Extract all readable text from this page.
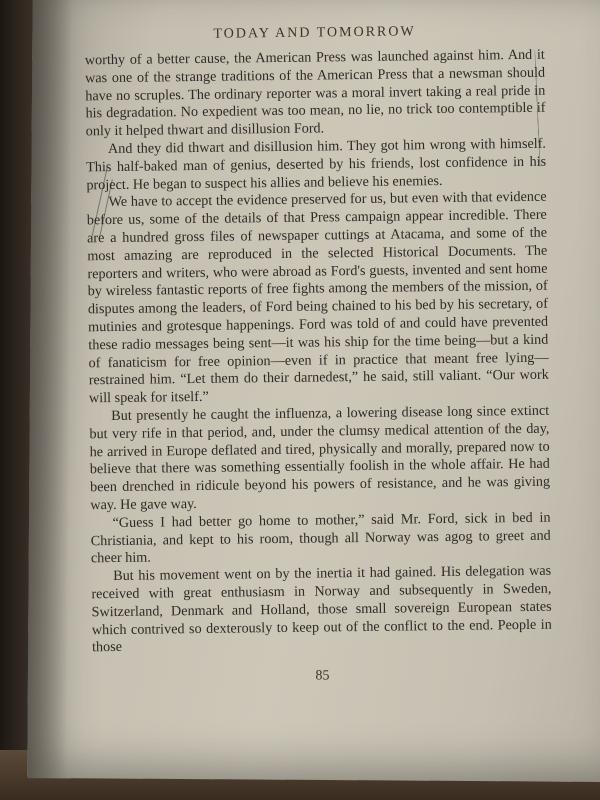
TODAY AND TOMORROW

worthy of a better cause, the American Press was launched against him. And it was one of the strange traditions of the American Press that a newsman should have no scruples. The ordinary reporter was a moral invert taking a real pride in his degradation. No expedient was too mean, no lie, no trick too contemptible if only it helped thwart and disillusion Ford.

And they did thwart and disillusion him. They got him wrong with himself. This half-baked man of genius, deserted by his friends, lost confidence in his project. He began to suspect his allies and believe his enemies.

We have to accept the evidence preserved for us, but even with that evidence before us, some of the details of that Press campaign appear incredible. There are a hundred gross files of newspaper cuttings at Atacama, and some of the most amazing are reproduced in the selected Historical Documents. The reporters and writers, who were abroad as Ford's guests, invented and sent home by wireless fantastic reports of free fights among the members of the mission, of disputes among the leaders, of Ford being chained to his bed by his secretary, of mutinies and grotesque happenings. Ford was told of and could have prevented these radio messages being sent—it was his ship for the time being—but a kind of fanaticism for free opinion—even if in practice that meant free lying—restrained him. “Let them do their darnedest,” he said, still valiant. “Our work will speak for itself.”

But presently he caught the influenza, a lowering disease long since extinct but very rife in that period, and, under the clumsy medical attention of the day, he arrived in Europe deflated and tired, physically and morally, prepared now to believe that there was something essentially foolish in the whole affair. He had been drenched in ridicule beyond his powers of resistance, and he was giving way. He gave way.

“Guess I had better go home to mother,” said Mr. Ford, sick in bed in Christiania, and kept to his room, though all Norway was agog to greet and cheer him.

But his movement went on by the inertia it had gained. His delegation was received with great enthusiasm in Norway and subsequently in Sweden, Switzerland, Denmark and Holland, those small sovereign European states which contrived so dexterously to keep out of the conflict to the end. People in those

85
